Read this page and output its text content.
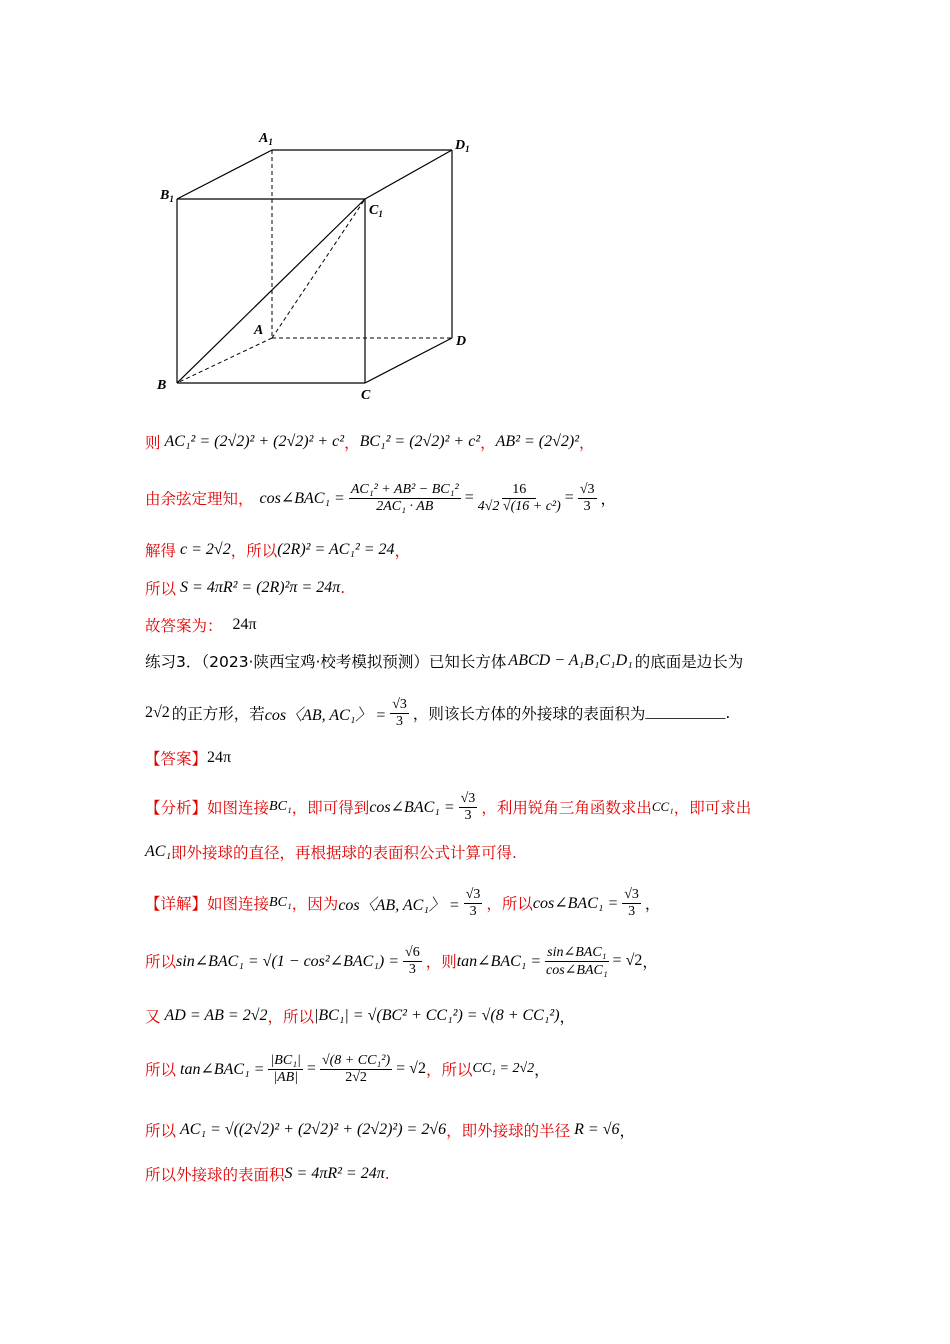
$A_1$	$D_1$
$B_1$
$C_1$
A
D
B
C
则 AC₁² = (2√2)² + (2√2)² + c² ， BC₁² = (2√2)² + c² ， AB² = (2√2)² ，
由余弦定理知， cos∠BAC₁ = $\frac{\text{AC₁² + AB² − BC₁²}}{\text{2AC₁ · AB}} = \frac{16}{\text{4√2 √(16 + c²)}} = \frac{√3}{3}$ ，
解得 c = 2√2 ，所以 (2R)² = AC₁² = 24 ，
所以 S = 4πR² = (2R)²π = 24π .
故答案为： 24π
练习3．（2023·陕西宝鸡·校考模拟预测）已知长方体 ABCD − A₁B₁C₁D₁ 的底面是边长为
2√2 的正方形，若 cos〈AB, AC₁〉 = $\frac{√3}{3}$ ，则该长方体的外接球的表面积为 __________ .
【答案】 24π
【分析】 如图连接 BC₁ ，即可得到 cos∠BAC₁ = $\frac{√3}{3}$ ，利用锐角三角函数求出 CC₁ ，即可求出
AC₁ 即外接球的直径，再根据球的表面积公式计算可得.
【详解】 如图连接 BC₁ ，因为 cos〈AB, AC₁〉 = $\frac{√3}{3}$ ，所以 cos∠BAC₁ = $\frac{√3}{3}$ ，
所以 sin∠BAC₁ = √(1 − cos²∠BAC₁) = $\frac{√6}{3}$ ，则 tan∠BAC₁ =
sin∠BAC₁
cos∠BAC₁
= √2 ，
又 AD = AB = 2√2 ，所以 |BC₁| = √(BC² + CC₁²) = √(8 + CC₁²) ，
所以 tan∠BAC₁ = $\frac{\text{|BC₁|}}{|AB|} = \frac{\text{√(8 + CC₁²)}}{2√2} = √2$ ，所以 CC₁ = 2√2 ，
所以 AC₁ = √((2√2)² + (2√2)² + (2√2)²) = 2√6 ，即外接球的半径 R = √6 ，
所以外接球的表面积 S = 4πR² = 24π .
